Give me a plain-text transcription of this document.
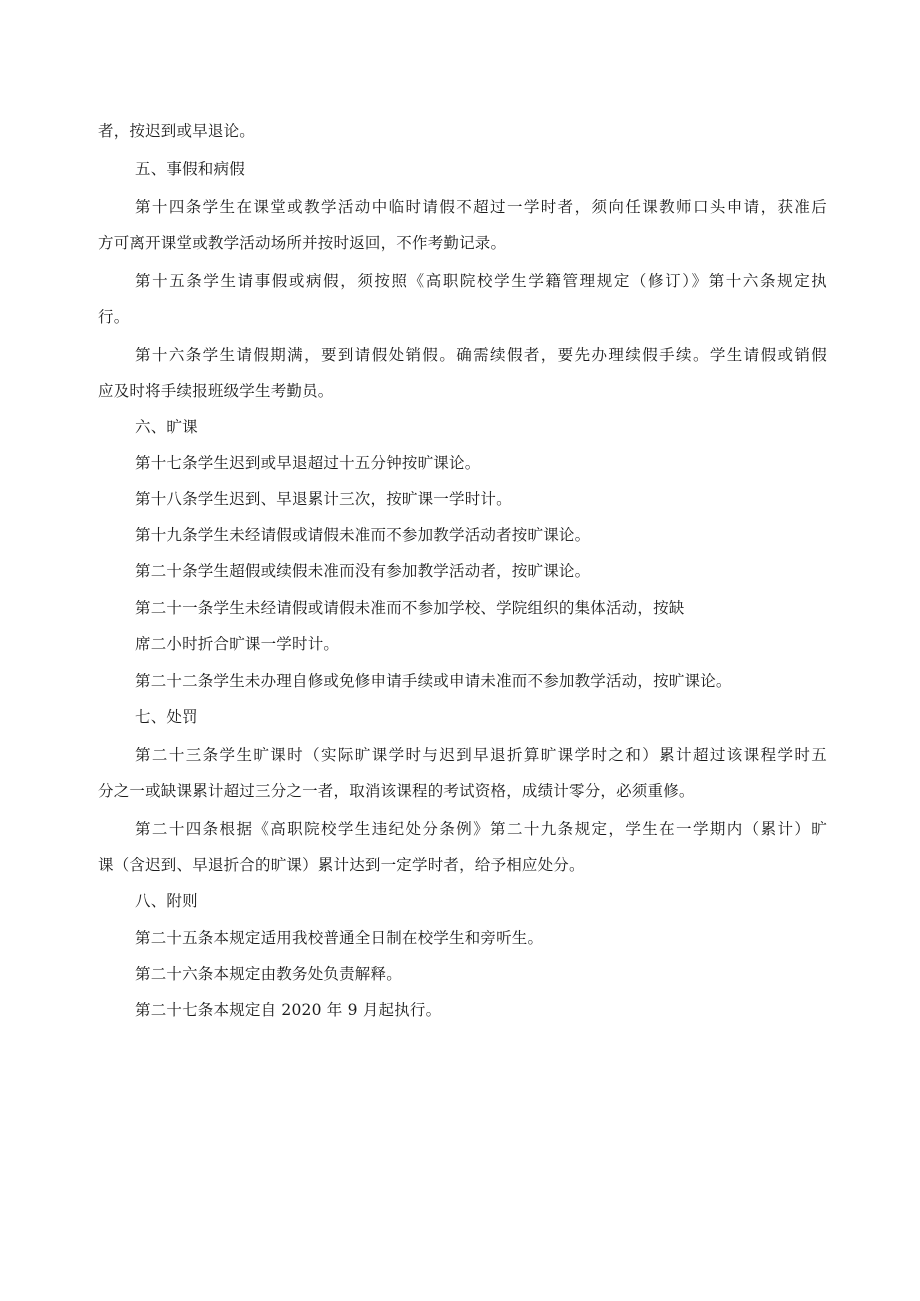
者，按迟到或早退论。
五、事假和病假
第十四条学生在课堂或教学活动中临时请假不超过一学时者，须向任课教师口头申请，获准后
方可离开课堂或教学活动场所并按时返回，不作考勤记录。
第十五条学生请事假或病假，须按照《高职院校学生学籍管理规定（修订）》第十六条规定执
行。
第十六条学生请假期满，要到请假处销假。确需续假者，要先办理续假手续。学生请假或销假
应及时将手续报班级学生考勤员。
六、旷课
第十七条学生迟到或早退超过十五分钟按旷课论。
第十八条学生迟到、早退累计三次，按旷课一学时计。
第十九条学生未经请假或请假未准而不参加教学活动者按旷课论。
第二十条学生超假或续假未准而没有参加教学活动者，按旷课论。
第二十一条学生未经请假或请假未准而不参加学校、学院组织的集体活动，按缺
席二小时折合旷课一学时计。
第二十二条学生未办理自修或免修申请手续或申请未准而不参加教学活动，按旷课论。
七、处罚
第二十三条学生旷课时（实际旷课学时与迟到早退折算旷课学时之和）累计超过该课程学时五
分之一或缺课累计超过三分之一者，取消该课程的考试资格，成绩计零分，必须重修。
第二十四条根据《高职院校学生违纪处分条例》第二十九条规定，学生在一学期内（累计）旷
课（含迟到、早退折合的旷课）累计达到一定学时者，给予相应处分。
八、附则
第二十五条本规定适用我校普通全日制在校学生和旁听生。
第二十六条本规定由教务处负责解释。
第二十七条本规定自 2020 年 9 月起执行。
